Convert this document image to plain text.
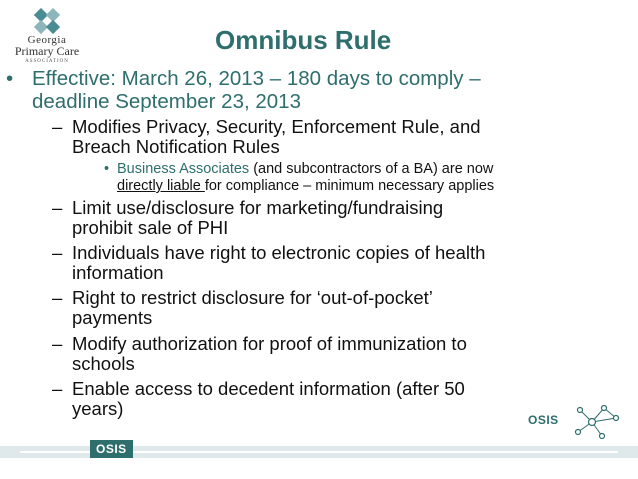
Georgia
Primary Care
ASSOCIATION
Omnibus Rule
• Effective: March 26, 2013 – 180 days to comply –
deadline September 23, 2013
– Modifies Privacy, Security, Enforcement Rule, and
Breach Notification Rules
• Business Associates (and subcontractors of a BA) are now
directly liable for compliance – minimum necessary applies
– Limit use/disclosure for marketing/fundraising
prohibit sale of PHI
– Individuals have right to electronic copies of health
information
– Right to restrict disclosure for ‘out-of-pocket’
payments
– Modify authorization for proof of immunization to
schools
– Enable access to decedent information (after 50
years)
OSIS
OSIS
